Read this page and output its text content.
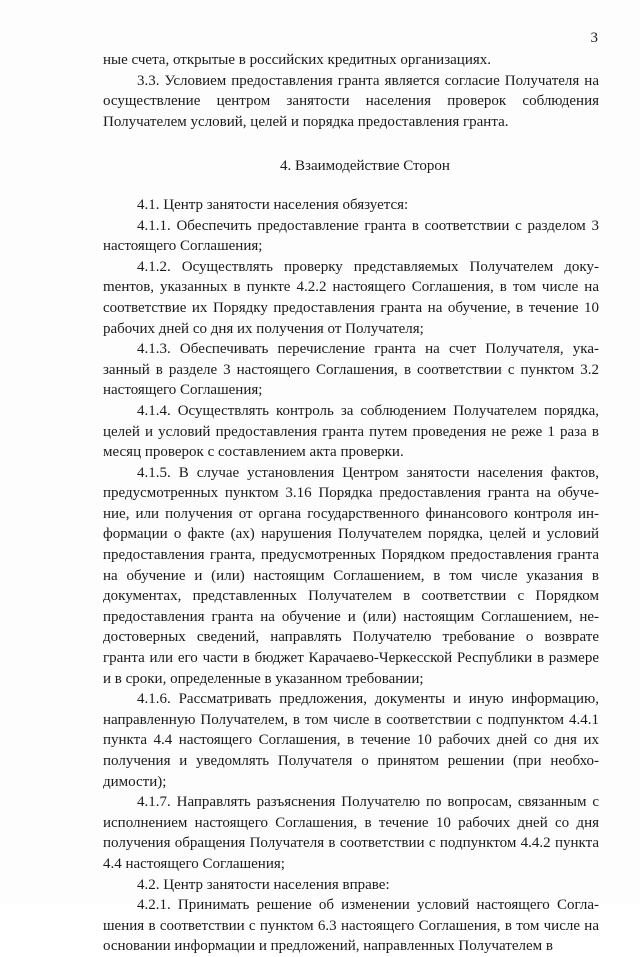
3

ные счета, открытые в российских кредитных организациях.

3.3. Условием предоставления гранта является согласие Получателя на осуществление центром занятости населения проверок соблюдения Получателем условий, целей и порядка предоставления гранта.

4. Взаимодействие Сторон

4.1. Центр занятости населения обязуется:

4.1.1. Обеспечить предоставление гранта в соответствии с разделом 3 настоящего Соглашения;

4.1.2. Осуществлять проверку представляемых Получателем докуmентов, указанных в пункте 4.2.2 настоящего Соглашения, в том числе на соответствие их Порядку предоставления гранта на обучение, в течение 10 рабочих дней со дня их получения от Получателя;

4.1.3. Обеспечивать перечисление гранта на счет Получателя, указанный в разделе 3 настоящего Соглашения, в соответствии с пунктом 3.2 настоящего Соглашения;

4.1.4. Осуществлять контроль за соблюдением Получателем порядка, целей и условий предоставления гранта путем проведения не реже 1 раза в месяц проверок с составлением акта проверки.

4.1.5. В случае установления Центром занятости населения фактов, предусмотренных пунктом 3.16 Порядка предоставления гранта на обучение, или получения от органа государственного финансового контроля информации о факте (ах) нарушения Получателем порядка, целей и условий предоставления гранта, предусмотренных Порядком предоставления гранта на обучение и (или) настоящим Соглашением, в том числе указания в документах, представленных Получателем в соответствии с Порядком предоставления гранта на обучение и (или) настоящим Соглашением, недостоверных сведений, направлять Получателю требование о возврате гранта или его части в бюджет Карачаево-Черкесской Республики в размере и в сроки, определенные в указанном требовании;

4.1.6. Рассматривать предложения, документы и иную информацию, направленную Получателем, в том числе в соответствии с подпунктом 4.4.1 пункта 4.4 настоящего Соглашения, в течение 10 рабочих дней со дня их получения и уведомлять Получателя о принятом решении (при необходимости);

4.1.7. Направлять разъяснения Получателю по вопросам, связанным с исполнением настоящего Соглашения, в течение 10 рабочих дней со дня получения обращения Получателя в соответствии с подпунктом 4.4.2 пункта 4.4 настоящего Соглашения;

4.2. Центр занятости населения вправе:

4.2.1. Принимать решение об изменении условий настоящего Соглашения в соответствии с пунктом 6.3 настоящего Соглашения, в том числе на основании информации и предложений, направленных Получателем в
